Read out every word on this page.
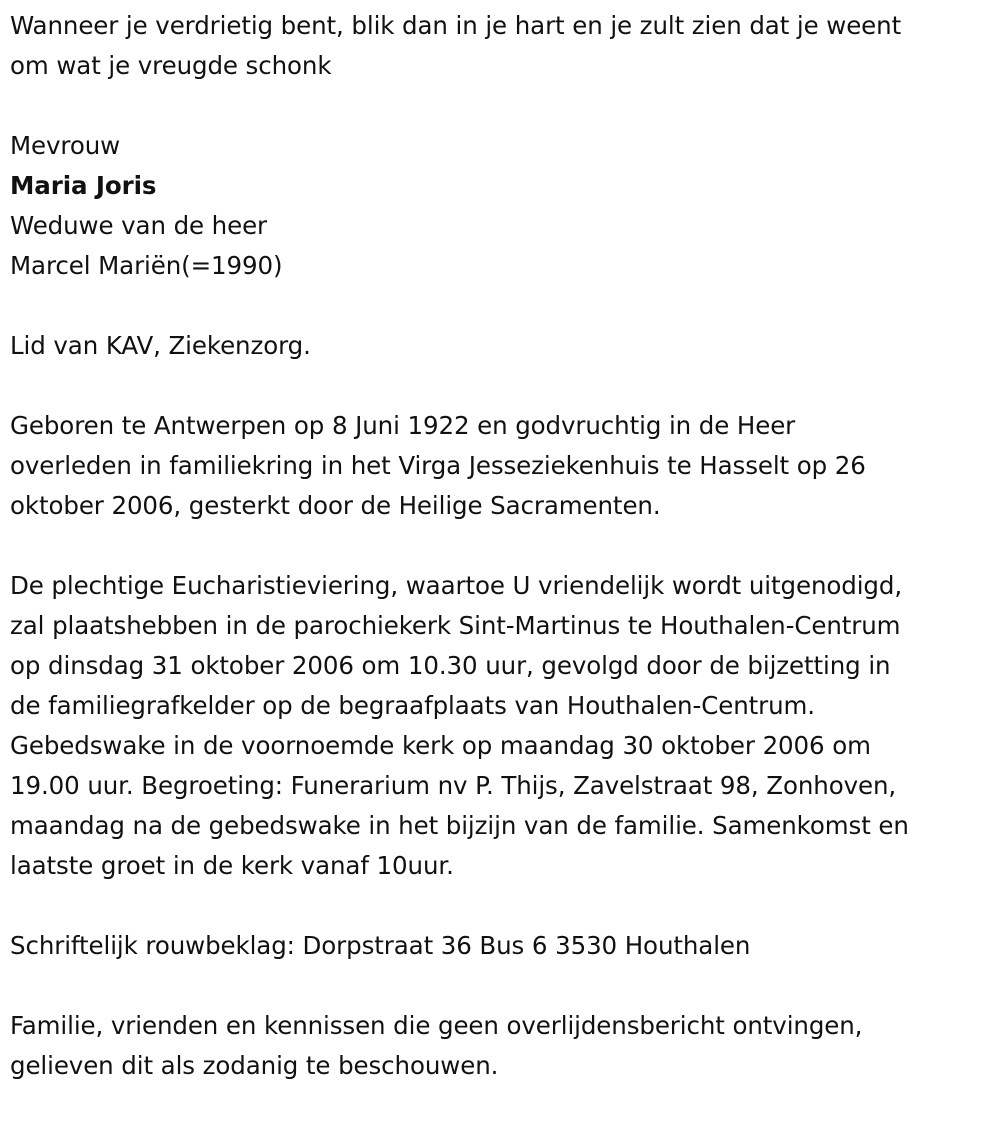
Wanneer je verdrietig bent, blik dan in je hart en je zult zien dat je weent
om wat je vreugde schonk

Mevrouw
Maria Joris
Weduwe van de heer
Marcel Mariën(=1990)

Lid van KAV, Ziekenzorg.

Geboren te Antwerpen op 8 Juni 1922 en godvruchtig in de Heer
overleden in familiekring in het Virga Jesseziekenhuis te Hasselt op 26
oktober 2006, gesterkt door de Heilige Sacramenten.

De plechtige Eucharistieviering, waartoe U vriendelijk wordt uitgenodigd,
zal plaatshebben in de parochiekerk Sint-Martinus te Houthalen-Centrum
op dinsdag 31 oktober 2006 om 10.30 uur, gevolgd door de bijzetting in
de familiegrafkelder op de begraafplaats van Houthalen-Centrum.
Gebedswake in de voornoemde kerk op maandag 30 oktober 2006 om
19.00 uur. Begroeting: Funerarium nv P. Thijs, Zavelstraat 98, Zonhoven,
maandag na de gebedswake in het bijzijn van de familie. Samenkomst en
laatste groet in de kerk vanaf 10uur.

Schriftelijk rouwbeklag: Dorpstraat 36 Bus 6 3530 Houthalen

Familie, vrienden en kennissen die geen overlijdensbericht ontvingen,
gelieven dit als zodanig te beschouwen.
